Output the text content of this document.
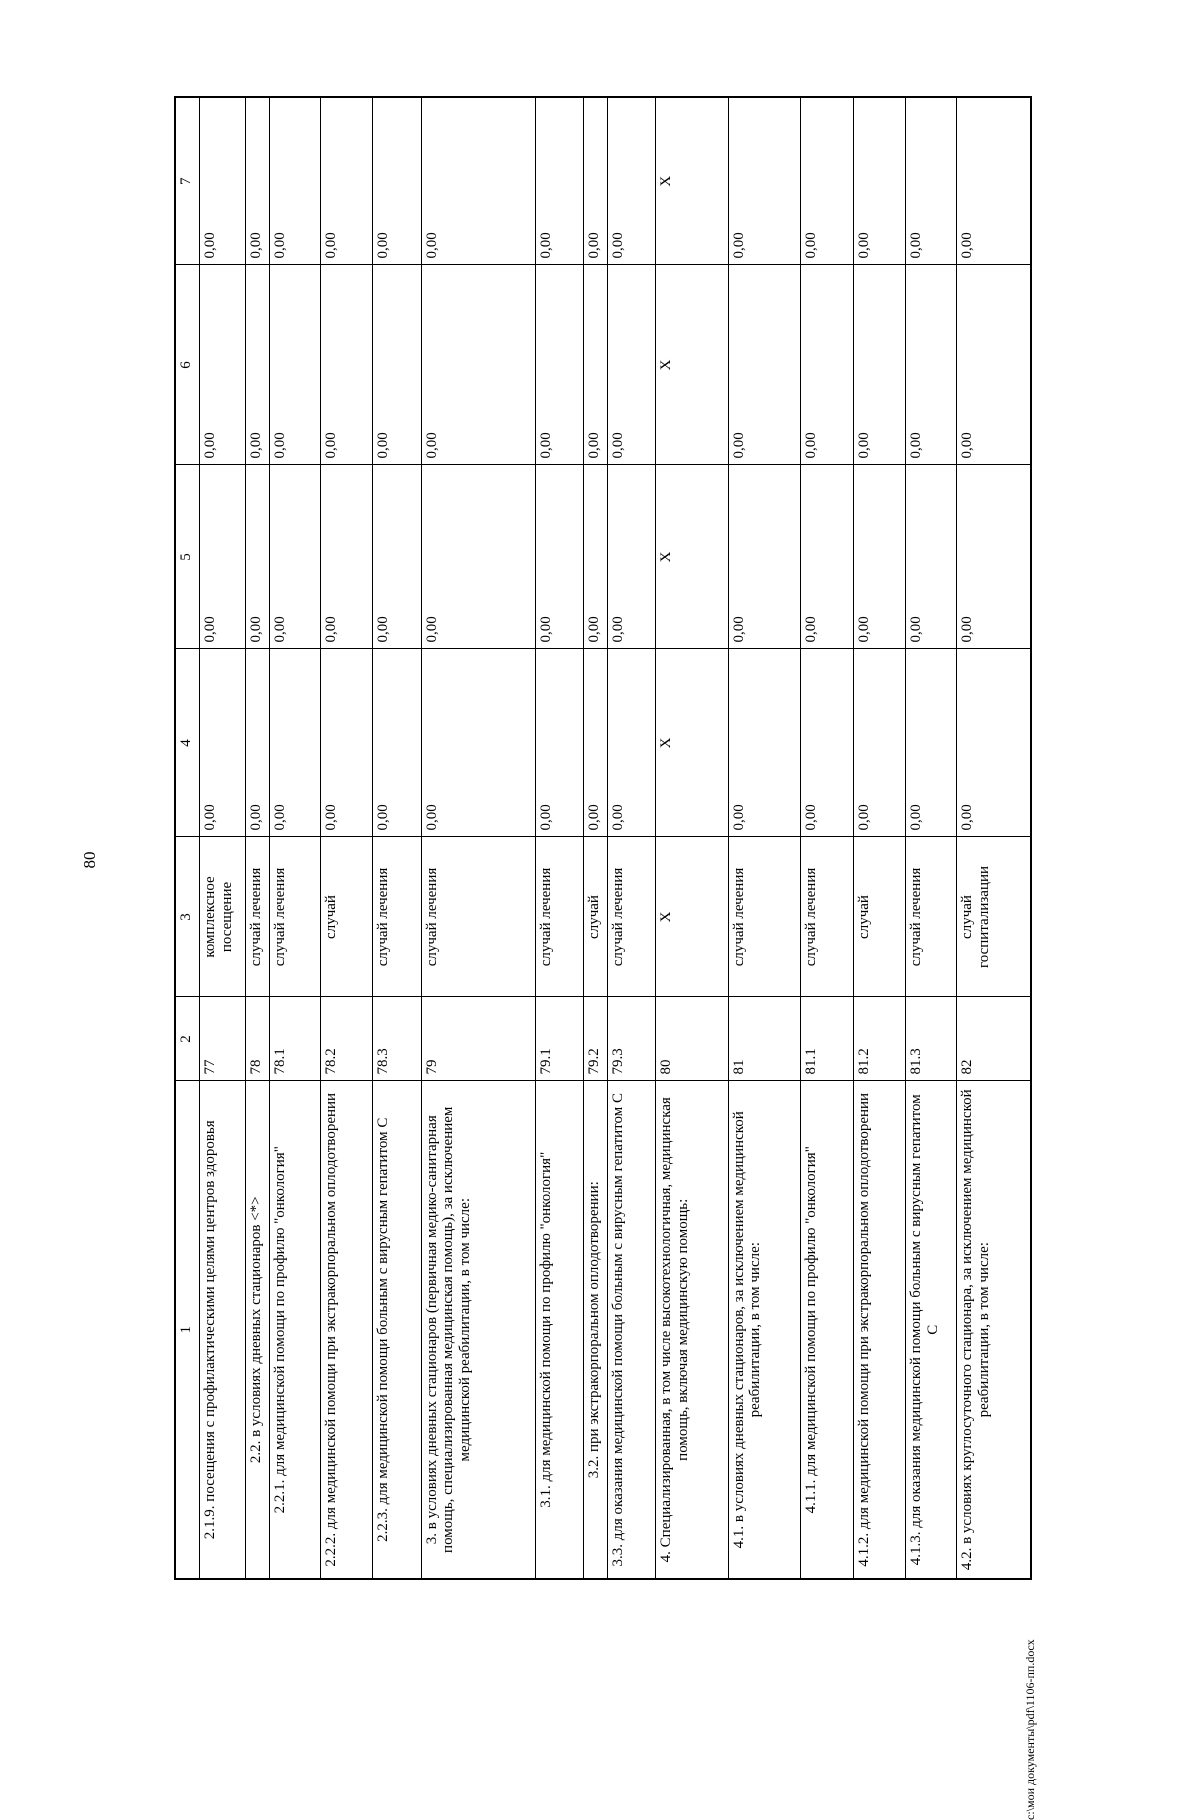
80
1	2	3	4	5	6	7
2.1.9. посещения с профилактическими целями центров здоровья	77	комплексное посещение	0,00	0,00	0,00	0,00
2.2. в условиях дневных стационаров <*>	78	случай лечения	0,00	0,00	0,00	0,00
2.2.1. для медицинской помощи по профилю "онкология"	78.1	случай лечения	0,00	0,00	0,00	0,00
2.2.2. для медицинской помощи при экстракорпоральном оплодотворении	78.2	случай	0,00	0,00	0,00	0,00
2.2.3. для медицинской помощи больным с вирусным гепатитом С	78.3	случай лечения	0,00	0,00	0,00	0,00
3. в условиях дневных стационаров (первичная медико-санитарная помощь, специализированная медицинская помощь), за исключением медицинской реабилитации, в том числе:	79	случай лечения	0,00	0,00	0,00	0,00
3.1. для медицинской помощи по профилю "онкология"	79.1	случай лечения	0,00	0,00	0,00	0,00
3.2. при экстракорпоральном оплодотворении:	79.2	случай	0,00	0,00	0,00	0,00
3.3. для оказания медицинской помощи больным с вирусным гепатитом С	79.3	случай лечения	0,00	0,00	0,00	0,00
4. Специализированная, в том числе высокотехнологичная, медицинская помощь, включая медицинскую помощь:	80	X	X	X	X	X
4.1. в условиях дневных стационаров, за исключением медицинской реабилитации, в том числе:	81	случай лечения	0,00	0,00	0,00	0,00
4.1.1. для медицинской помощи по профилю "онкология"	81.1	случай лечения	0,00	0,00	0,00	0,00
4.1.2. для медицинской помощи при экстракорпоральном оплодотворении	81.2	случай	0,00	0,00	0,00	0,00
4.1.3. для оказания медицинской помощи больным с вирусным гепатитом С	81.3	случай лечения	0,00	0,00	0,00	0,00
4.2. в условиях круглосуточного стационара, за исключением медицинской реабилитации, в том числе:	82	случай госпитализации	0,00	0,00	0,00	0,00
c:\мои документы\pdf\1106-пп.docx
